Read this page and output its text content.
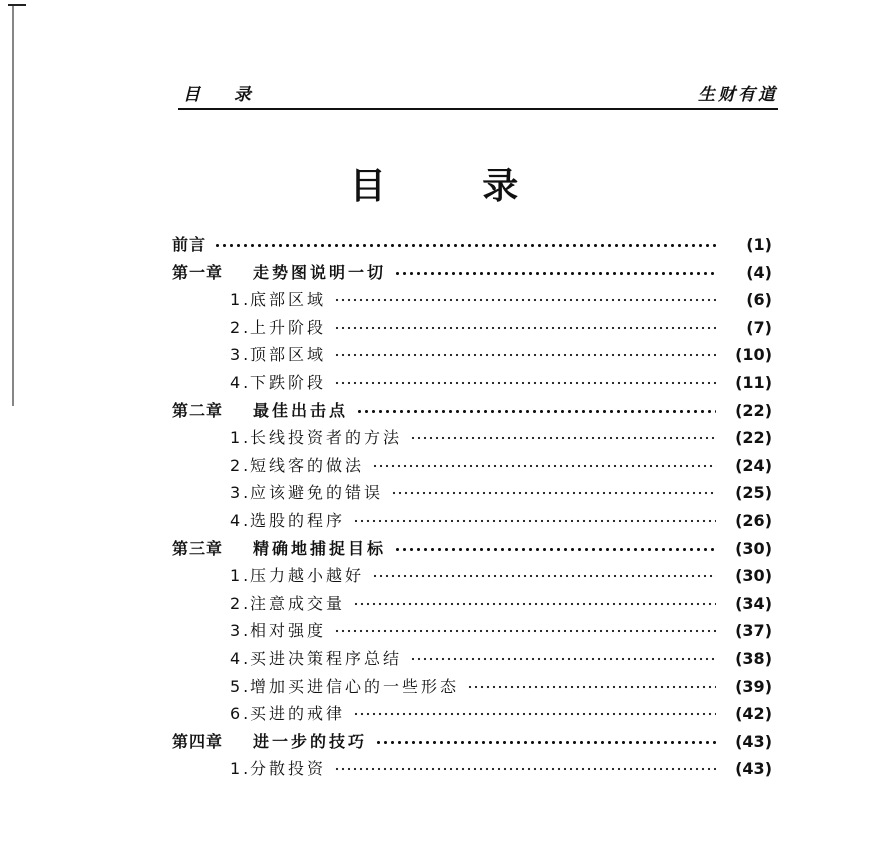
目 录	生财有道
目 录
前言	(1)
第一章 走势图说明一切	(4)
1.底部区域	(6)
2.上升阶段	(7)
3.顶部区域	(10)
4.下跌阶段	(11)
第二章 最佳出击点	(22)
1.长线投资者的方法	(22)
2.短线客的做法	(24)
3.应该避免的错误	(25)
4.选股的程序	(26)
第三章 精确地捕捉目标	(30)
1.压力越小越好	(30)
2.注意成交量	(34)
3.相对强度	(37)
4.买进决策程序总结	(38)
5.增加买进信心的一些形态	(39)
6.买进的戒律	(42)
第四章 进一步的技巧	(43)
1.分散投资	(43)
